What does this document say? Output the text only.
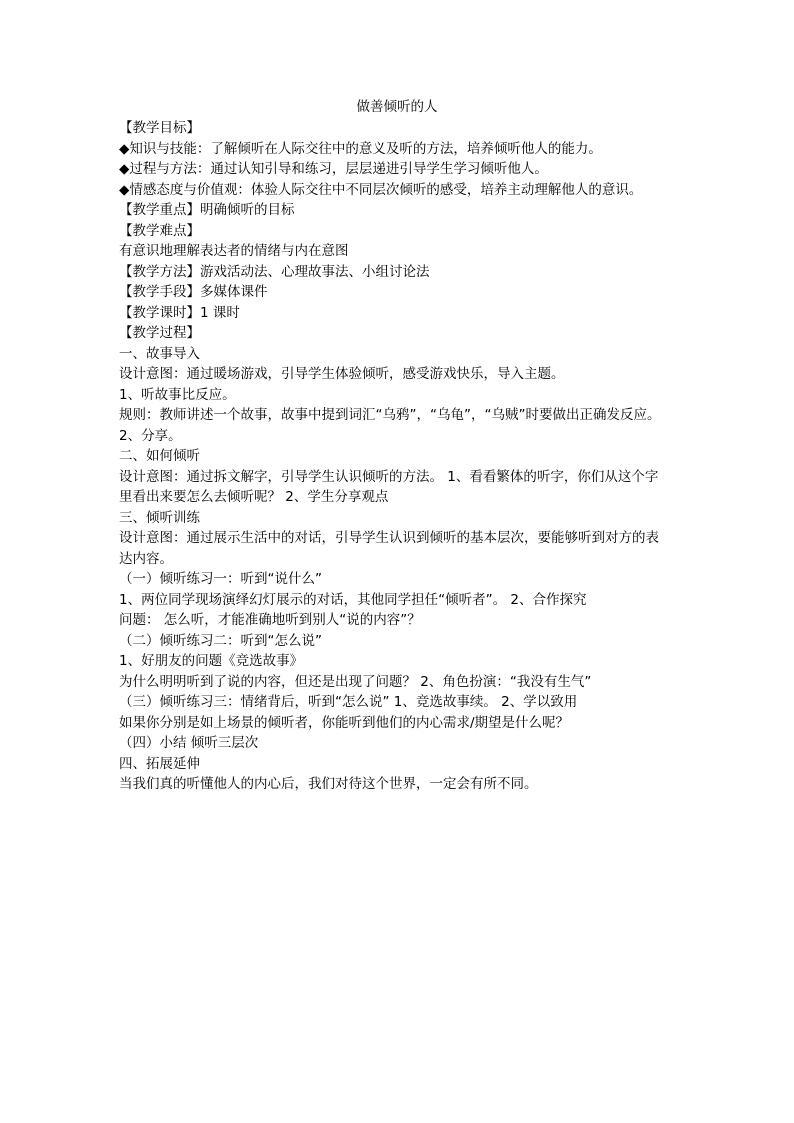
做善倾听的人
【教学目标】
◆知识与技能：了解倾听在人际交往中的意义及听的方法，培养倾听他人的能力。
◆过程与方法：通过认知引导和练习，层层递进引导学生学习倾听他人。
◆情感态度与价值观：体验人际交往中不同层次倾听的感受，培养主动理解他人的意识。
【教学重点】明确倾听的目标
【教学难点】
有意识地理解表达者的情绪与内在意图
【教学方法】游戏活动法、心理故事法、小组讨论法
【教学手段】多媒体课件
【教学课时】1 课时
【教学过程】
一、故事导入
设计意图：通过暖场游戏，引导学生体验倾听，感受游戏快乐，导入主题。
1、听故事比反应。
规则：教师讲述一个故事，故事中提到词汇“乌鸦”，“乌龟”，“乌贼”时要做出正确发反应。
2、分享。
二、如何倾听
设计意图：通过拆文解字，引导学生认识倾听的方法。 1、看看繁体的听字，你们从这个字
里看出来要怎么去倾听呢？ 2、学生分享观点
三、倾听训练
设计意图：通过展示生活中的对话，引导学生认识到倾听的基本层次，要能够听到对方的表
达内容。
（一）倾听练习一：听到“说什么”
1、两位同学现场演绎幻灯展示的对话，其他同学担任“倾听者”。 2、合作探究
问题： 怎么听，才能准确地听到别人“说的内容”？
（二）倾听练习二：听到“怎么说”
1、好朋友的问题《竞选故事》
为什么明明听到了说的内容，但还是出现了问题？ 2、角色扮演：“我没有生气”
（三）倾听练习三：情绪背后，听到“怎么说” 1、竞选故事续。 2、学以致用
如果你分别是如上场景的倾听者，你能听到他们的内心需求/期望是什么呢？
（四）小结 倾听三层次
四、拓展延伸
当我们真的听懂他人的内心后，我们对待这个世界，一定会有所不同。
